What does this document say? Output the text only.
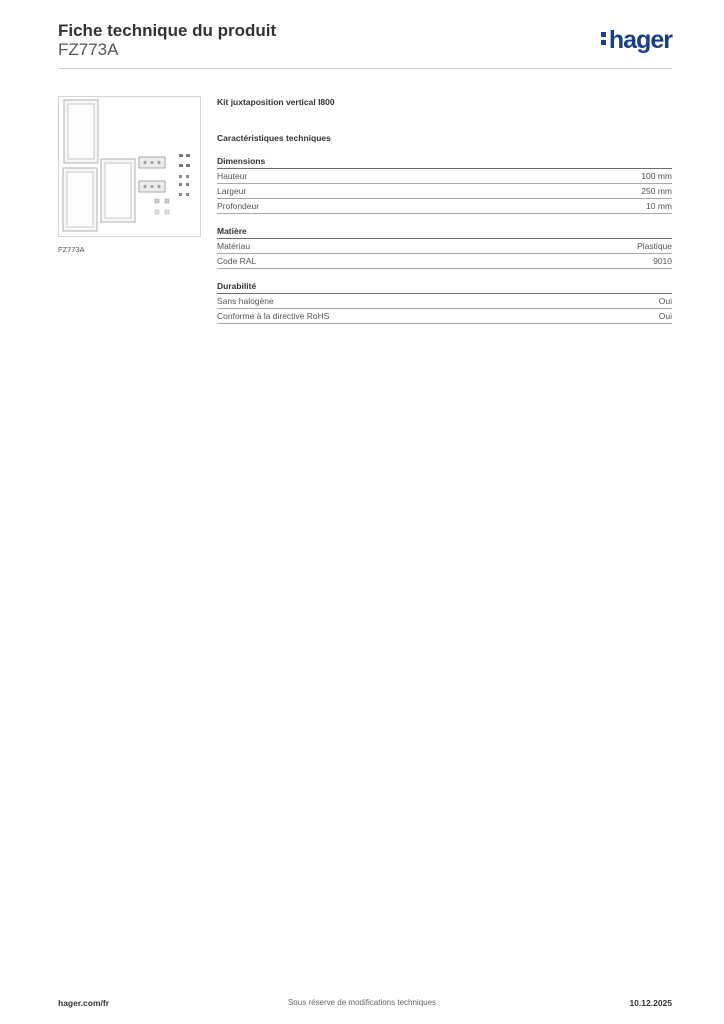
Fiche technique du produit
FZ773A	hager
FZ773A
Kit juxtaposition vertical I800
Caractéristiques techniques
Dimensions
Hauteur	100 mm
Largeur	250 mm
Profondeur	10 mm
Matière
Matériau	Plastique
Code RAL	9010
Durabilité
Sans halogène	Oui
Conforme à la directive RoHS	Oui
hager.com/fr	Sous réserve de modifications techniques	10.12.2025
